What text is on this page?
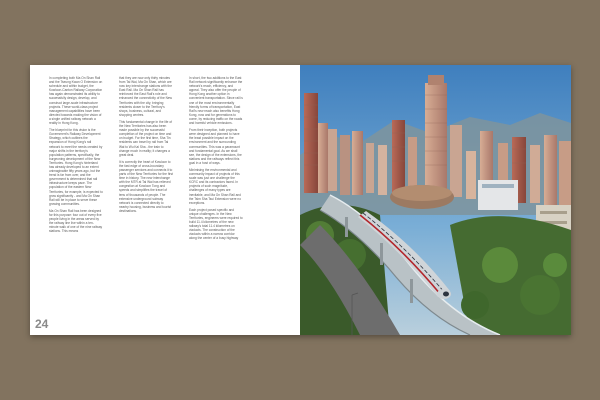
In completing both Ma On Shan Rail and the Tseung Kwan O Extension on schedule and within budget, the Kowloon-Canton Railway Corporation has again demonstrated its ability to successfully design, develop, and construct large-scale infrastructure projects. These world-class project management capabilities have been directed towards making the vision of a single unified railway network a reality in Hong Kong.

The blueprint for this vision is the Government's Railway Development Strategy, which outlines the expansion of Hong Kong's rail network to meet the needs created by major shifts in the territory's population patterns, specifically, the burgeoning development of the New Territories. Hong Kong's hinterland has already developed to an extent unimaginable fifty years ago, but the trend is far from over, and the government is determined that rail infrastructure keeps pace. The population of the eastern New Territories, for example, is expected to grow significantly - and Ma On Shan Rail will be in place to serve these growing communities.

Ma On Shan Rail has been designed for this purpose: four out of every five people living in the areas served by the railway line live within a ten-minute walk of one of the nine railway stations. This means

that they are now only thirty minutes from Tai Wai, Ma On Shan, which are now key interchange stations with the East Rail. Ma On Shan Rail has reinforced the East Rail's role and enhanced the connectivity of the New Territories with the city, bringing residents closer to the Territory's shops, business, cultural, and shopping centres.

This fundamental change in the life of the New Territories has also been made possible by the successful completion of the project on time and on budget. For the first time, Sha Tin residents can travel by rail from Tai Wai to Wu Kai Sha - the train to change much in reality; it changes a great deal.

It is correctly the heart of Kowloon to the fast edge of cross-boundary passenger services and connects it to parts of the New Territories for the first time in history. The new interchange with the MTR at Tai Wai has relieved congestion at Kowloon Tong and speeds and simplifies the travel of tens of thousands of people. The extensive underground subway network is connected directly to nearby housing, business and tourist destinations.

In short, the two additions to the East Rail network significantly enhance the network's reach, efficiency, and appeal. They also offer the people of Hong Kong another option in convenient transportation. Since rail is one of the most environmentally friendly forms of transportation, East Rail's new reach also benefits Hong Kong, now and for generations to come, by reducing traffic on the roads and harmful vehicle emissions.

From their inception, both projects were designed and planned to have the least possible impact on the environment and the surrounding communities. This was a paramount and fundamental goal. As we shall see, the design of the extensions, the stations and the railways reflect this goal in a host of ways.

Minimising the environmental and community impact of projects of this scale was just one challenge the KCRC and its contractors faced. In projects of such magnitude, challenges of many types are inevitable, and Ma On Shan Rail and the Tsim Sha Tsui Extension were no exceptions.

Each project posed specific and unique challenges. In the New Territories, engineers were required to build 11.4 kilometres of the new railway's total 11.4 kilometres on viaducts. The construction of the viaducts within a narrow corridor along the center of a busy highway

24
